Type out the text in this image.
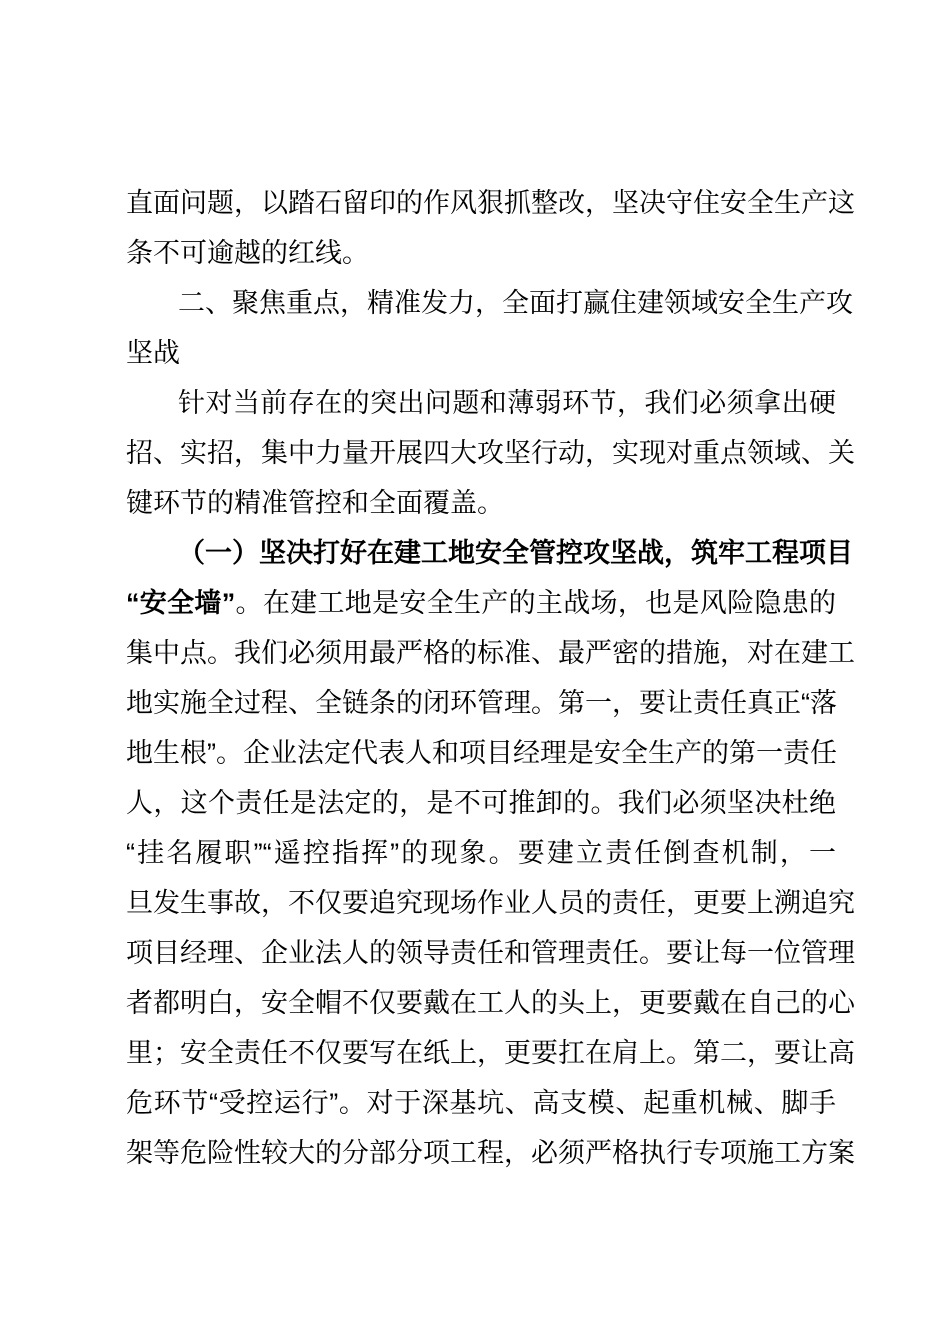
直面问题，以踏石留印的作风狠抓整改，坚决守住安全生产这
条不可逾越的红线。
二、聚焦重点，精准发力，全面打赢住建领域安全生产攻
坚战
针对当前存在的突出问题和薄弱环节，我们必须拿出硬
招、实招，集中力量开展四大攻坚行动，实现对重点领域、关
键环节的精准管控和全面覆盖。
（一）坚决打好在建工地安全管控攻坚战，筑牢工程项目
“安全墙”。在建工地是安全生产的主战场，也是风险隐患的
集中点。我们必须用最严格的标准、最严密的措施，对在建工
地实施全过程、全链条的闭环管理。第一，要让责任真正“落
地生根”。企业法定代表人和项目经理是安全生产的第一责任
人，这个责任是法定的，是不可推卸的。我们必须坚决杜绝
“挂名履职”“遥控指挥”的现象。要建立责任倒查机制，一
旦发生事故，不仅要追究现场作业人员的责任，更要上溯追究
项目经理、企业法人的领导责任和管理责任。要让每一位管理
者都明白，安全帽不仅要戴在工人的头上，更要戴在自己的心
里；安全责任不仅要写在纸上，更要扛在肩上。第二，要让高
危环节“受控运行”。对于深基坑、高支模、起重机械、脚手
架等危险性较大的分部分项工程，必须严格执行专项施工方案
